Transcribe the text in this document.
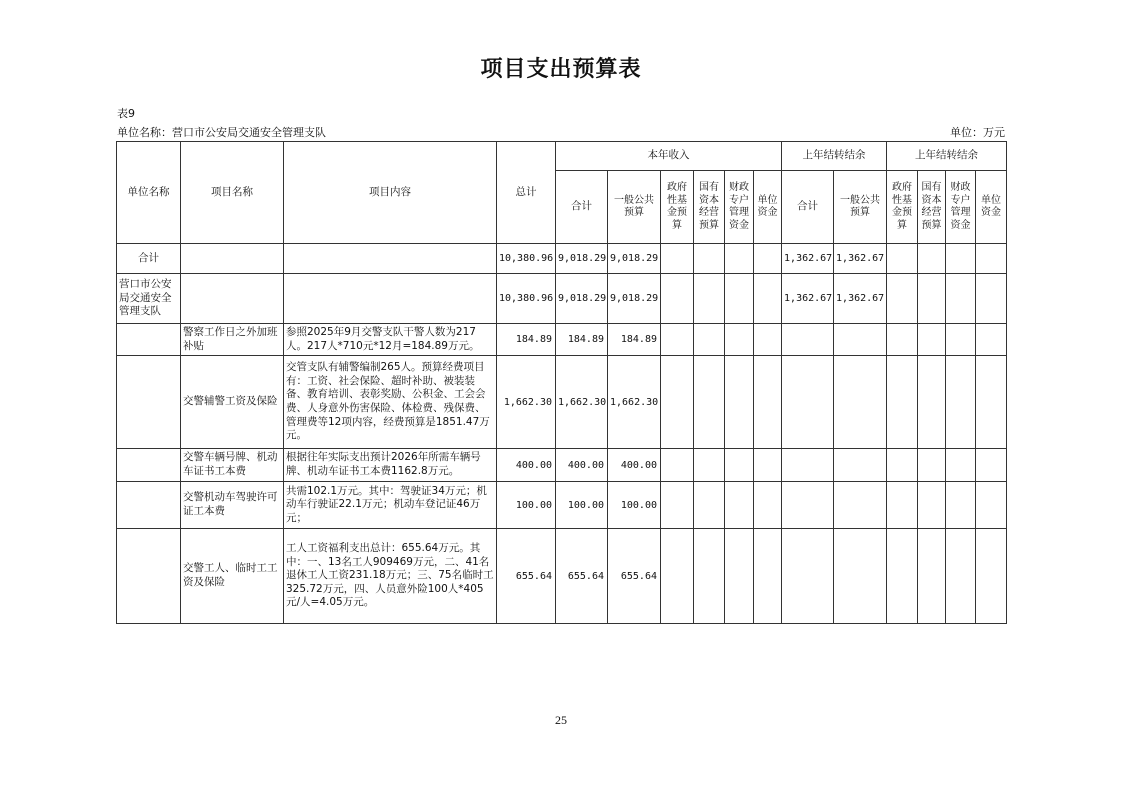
项目支出预算表
表9
单位名称：营口市公安局交通安全管理支队	单位：万元
单位名称	项目名称	项目内容	总计	本年收入						上年结转结余		上年结转结余			
				合计	一般公共预算	政府性基金预算	国有资本经营预算	财政专户管理资金	单位资金	合计	一般公共预算	政府性基金预算	国有资本经营预算	财政专户管理资金	单位资金
合计			10,380.96	9,018.29	9,018.29					1,362.67	1,362.67				
营口市公安局交通安全管理支队			10,380.96	9,018.29	9,018.29					1,362.67	1,362.67				
	警察工作日之外加班补贴	参照2025年9月交警支队干警人数为217人。217人*710元*12月=184.89万元。	184.89	184.89	184.89										
	交警辅警工资及保险	交管支队有辅警编制265人。预算经费项目有：工资、社会保险、超时补助、被装装备、教育培训、表彰奖励、公积金、工会会费、人身意外伤害保险、体检费、残保费、管理费等12项内容，经费预算是1851.47万元。	1,662.30	1,662.30	1,662.30										
	交警车辆号牌、机动车证书工本费	根据往年实际支出预计2026年所需车辆号牌、机动车证书工本费1162.8万元。	400.00	400.00	400.00										
	交警机动车驾驶许可证工本费	共需102.1万元。其中：驾驶证34万元；机动车行驶证22.1万元；机动车登记证46万元；	100.00	100.00	100.00										
	交警工人、临时工工资及保险	工人工资福利支出总计：655.64万元。其中：一、13名工人909469万元，二、41名退休工人工资231.18万元；三、75名临时工325.72万元，四、人员意外险100人*405元/人=4.05万元。	655.64	655.64	655.64										
25
